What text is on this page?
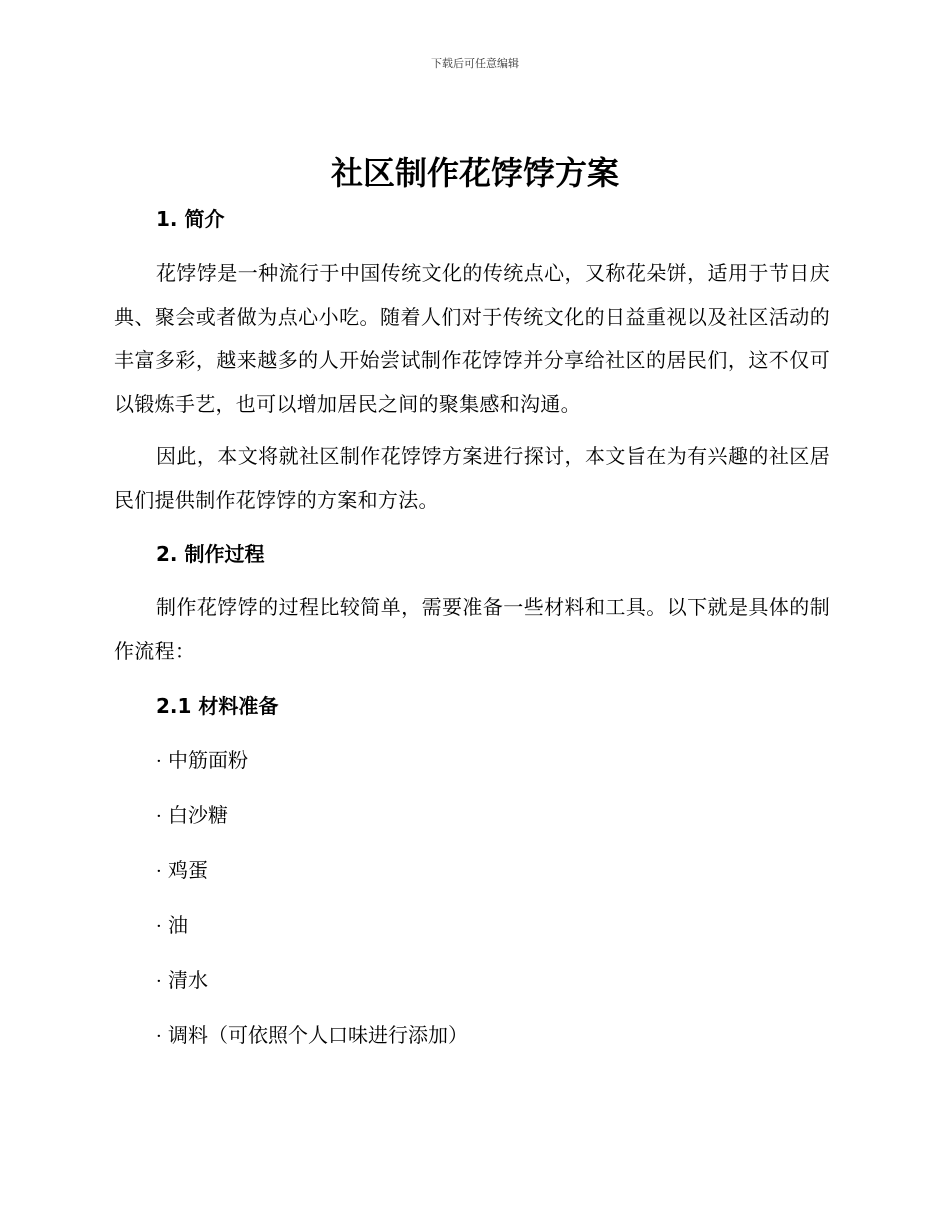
下载后可任意编辑
社区制作花饽饽方案
1. 简介

花饽饽是一种流行于中国传统文化的传统点心，又称花朵饼，适用于节日庆典、聚会或者做为点心小吃。随着人们对于传统文化的日益重视以及社区活动的丰富多彩，越来越多的人开始尝试制作花饽饽并分享给社区的居民们，这不仅可以锻炼手艺，也可以增加居民之间的聚集感和沟通。

因此，本文将就社区制作花饽饽方案进行探讨，本文旨在为有兴趣的社区居民们提供制作花饽饽的方案和方法。

2. 制作过程

制作花饽饽的过程比较简单，需要准备一些材料和工具。以下就是具体的制作流程：

2.1 材料准备
· 中筋面粉
· 白沙糖
· 鸡蛋
· 油
· 清水
· 调料（可依照个人口味进行添加）
